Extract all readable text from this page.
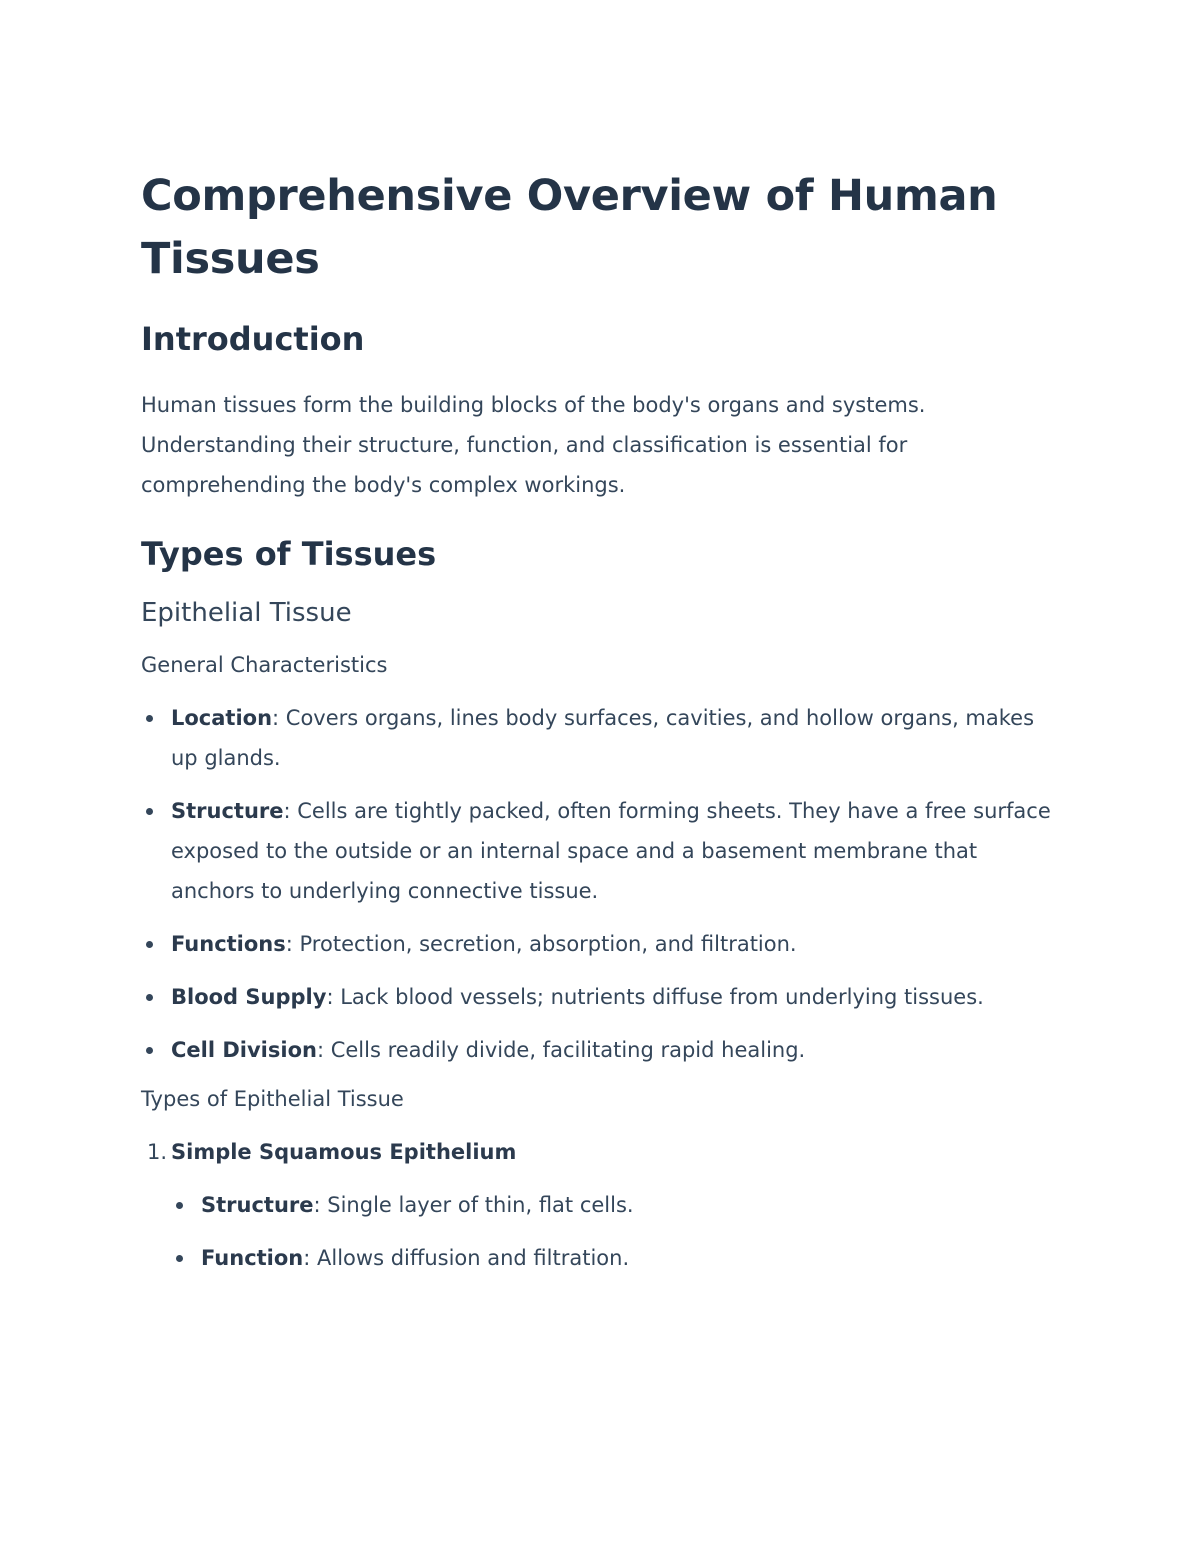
Comprehensive Overview of Human Tissues
Introduction

Human tissues form the building blocks of the body's organs and systems. Understanding their structure, function, and classification is essential for comprehending the body's complex workings.

Types of Tissues
Epithelial Tissue
General Characteristics
Location: Covers organs, lines body surfaces, cavities, and hollow organs, makes up glands.
Structure: Cells are tightly packed, often forming sheets. They have a free surface exposed to the outside or an internal space and a basement membrane that anchors to underlying connective tissue.
Functions: Protection, secretion, absorption, and filtration.
Blood Supply: Lack blood vessels; nutrients diffuse from underlying tissues.
Cell Division: Cells readily divide, facilitating rapid healing.
Types of Epithelial Tissue
1. Simple Squamous Epithelium
Structure: Single layer of thin, flat cells.
Function: Allows diffusion and filtration.
